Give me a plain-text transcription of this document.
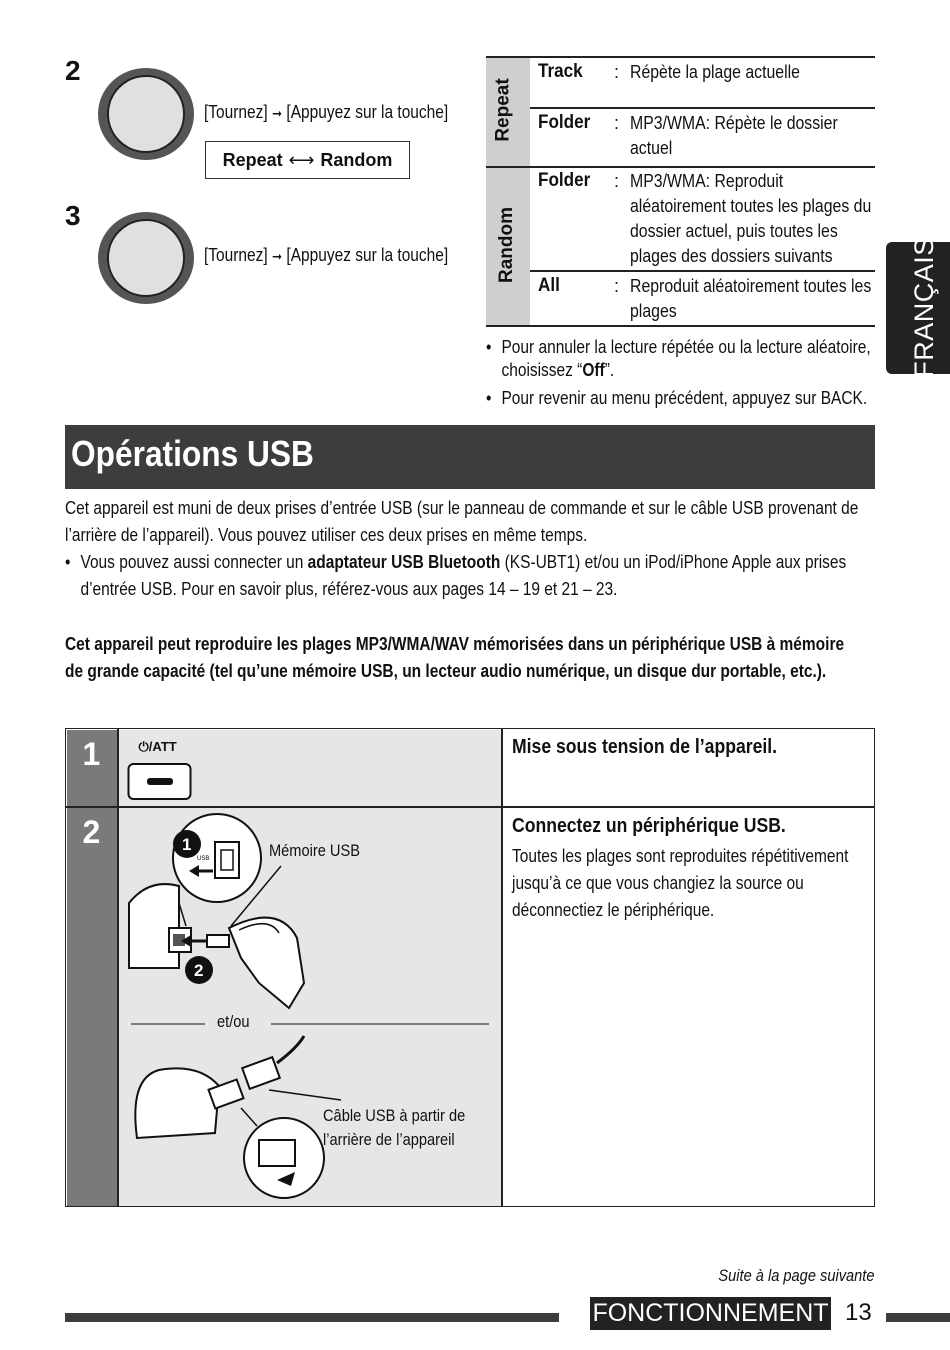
2
[Tournez] ➞ [Appuyez sur la touche]
Repeat ⟷ Random
3
[Tournez] ➞ [Appuyez sur la touche]
Repeat
Random
Track : Répète la plage actuelle
Folder : MP3/WMA: Répète le dossier actuel
Folder : MP3/WMA: Reproduit aléatoirement toutes les plages du dossier actuel, puis toutes les plages des dossiers suivants
All	: Reproduit aléatoirement toutes les plages
• Pour annuler la lecture répétée ou la lecture aléatoire, choisissez “Off”.
• Pour revenir au menu précédent, appuyez sur BACK.
FRANÇAIS
Opérations USB
Cet appareil est muni de deux prises d’entrée USB (sur le panneau de commande et sur le câble USB provenant de l’arrière de l’appareil). Vous pouvez utiliser ces deux prises en même temps.
• Vous pouvez aussi connecter un adaptateur USB Bluetooth (KS-UBT1) et/ou un iPod/iPhone Apple aux prises d’entrée USB. Pour en savoir plus, référez-vous aux pages 14 – 19 et 21 – 23.
Cet appareil peut reproduire les plages MP3/WMA/WAV mémorisées dans un périphérique USB à mémoire de grande capacité (tel qu’une mémoire USB, un lecteur audio numérique, un disque dur portable, etc.).
1
2
⏻/ATT
USB
1
2
Mémoire USB
et/ou
Câble USB à partir de
l’arrière de l’appareil
Mise sous tension de l’appareil.
Connectez un périphérique USB.
Toutes les plages sont reproduites répétitivement jusqu’à ce que vous changiez la source ou déconnectiez le périphérique.
Suite à la page suivante
FONCTIONNEMENT 13
